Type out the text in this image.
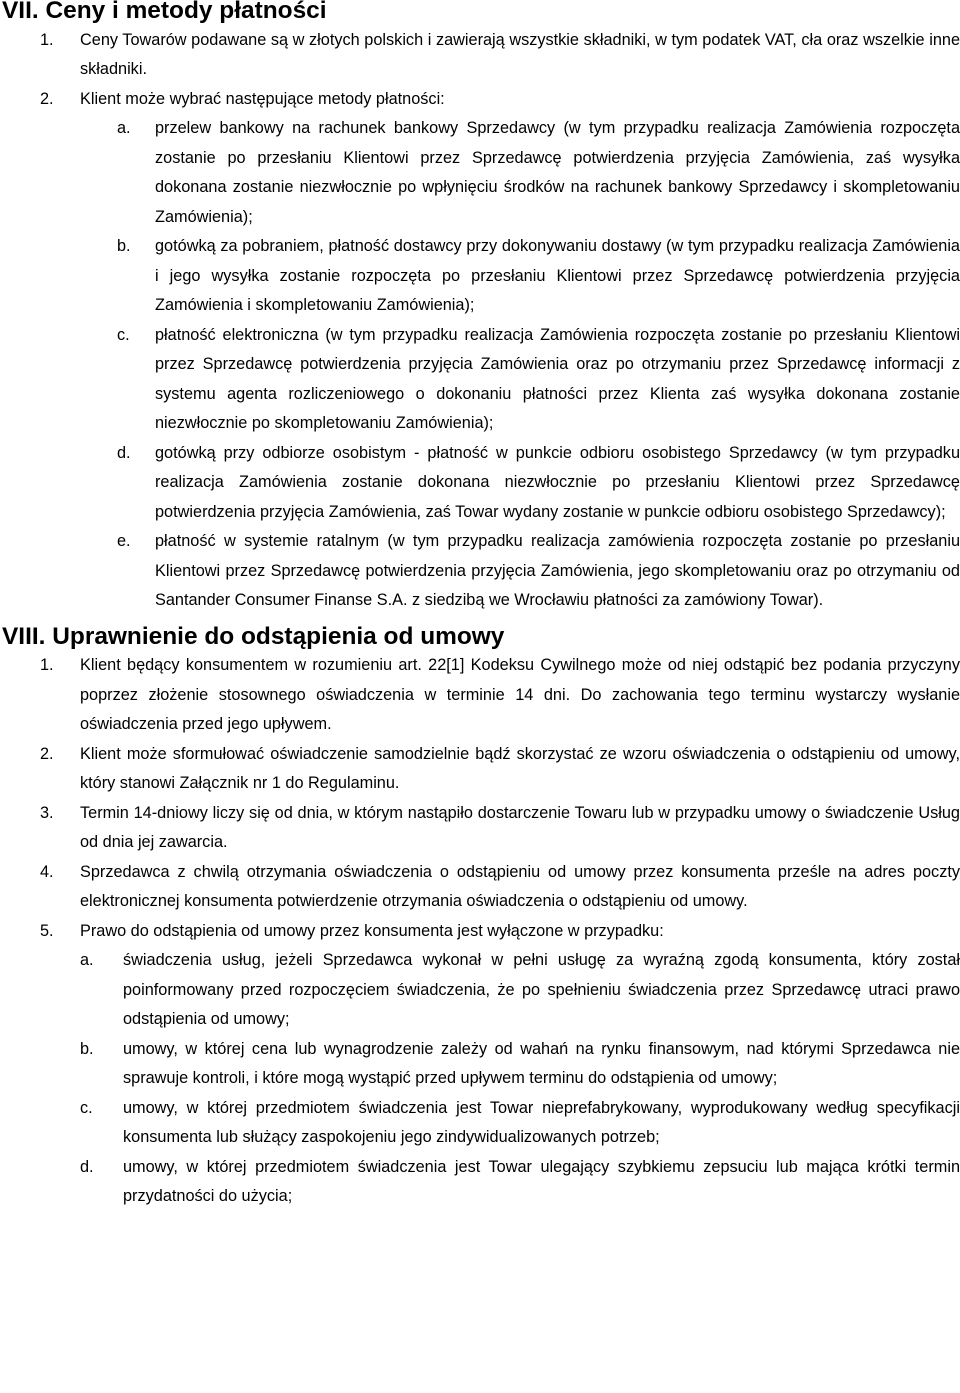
VII. Ceny i metody płatności
1.	Ceny Towarów podawane są w złotych polskich i zawierają wszystkie składniki, w tym podatek VAT, cła oraz wszelkie inne składniki.

2.	Klient może wybrać następujące metody płatności:

a.	przelew bankowy na rachunek bankowy Sprzedawcy (w tym przypadku realizacja Zamówienia rozpoczęta zostanie po przesłaniu Klientowi przez Sprzedawcę potwierdzenia przyjęcia Zamówienia, zaś wysyłka dokonana zostanie niezwłocznie po wpłynięciu środków na rachunek bankowy Sprzedawcy i skompletowaniu Zamówienia);

b.	gotówką za pobraniem, płatność dostawcy przy dokonywaniu dostawy (w tym przypadku realizacja Zamówienia i jego wysyłka zostanie rozpoczęta po przesłaniu Klientowi przez Sprzedawcę potwierdzenia przyjęcia Zamówienia i skompletowaniu Zamówienia);

c.	płatność elektroniczna (w tym przypadku realizacja Zamówienia rozpoczęta zostanie po przesłaniu Klientowi przez Sprzedawcę potwierdzenia przyjęcia Zamówienia oraz po otrzymaniu przez Sprzedawcę informacji z systemu agenta rozliczeniowego o dokonaniu płatności przez Klienta zaś wysyłka dokonana zostanie niezwłocznie po skompletowaniu Zamówienia);

d.	gotówką przy odbiorze osobistym - płatność w punkcie odbioru osobistego Sprzedawcy (w tym przypadku realizacja Zamówienia zostanie dokonana niezwłocznie po przesłaniu Klientowi przez Sprzedawcę potwierdzenia przyjęcia Zamówienia, zaś Towar wydany zostanie w punkcie odbioru osobistego Sprzedawcy);

e.	płatność w systemie ratalnym (w tym przypadku realizacja zamówienia rozpoczęta zostanie po przesłaniu Klientowi przez Sprzedawcę potwierdzenia przyjęcia Zamówienia, jego skompletowaniu oraz po otrzymaniu od Santander Consumer Finanse S.A. z siedzibą we Wrocławiu płatności za zamówiony Towar).

VIII. Uprawnienie do odstąpienia od umowy
1.	Klient będący konsumentem w rozumieniu art. 22[1] Kodeksu Cywilnego może od niej odstąpić bez podania przyczyny poprzez złożenie stosownego oświadczenia w terminie 14 dni. Do zachowania tego terminu wystarczy wysłanie oświadczenia przed jego upływem.

2.	Klient może sformułować oświadczenie samodzielnie bądź skorzystać ze wzoru oświadczenia o odstąpieniu od umowy, który stanowi Załącznik nr 1 do Regulaminu.

3.	Termin 14-dniowy liczy się od dnia, w którym nastąpiło dostarczenie Towaru lub w przypadku umowy o świadczenie Usług od dnia jej zawarcia.

4.	Sprzedawca z chwilą otrzymania oświadczenia o odstąpieniu od umowy przez konsumenta prześle na adres poczty elektronicznej konsumenta potwierdzenie otrzymania oświadczenia o odstąpieniu od umowy.

5.	Prawo do odstąpienia od umowy przez konsumenta jest wyłączone w przypadku:

a.	świadczenia usług, jeżeli Sprzedawca wykonał w pełni usługę za wyraźną zgodą konsumenta, który został poinformowany przed rozpoczęciem świadczenia, że po spełnieniu świadczenia przez Sprzedawcę utraci prawo odstąpienia od umowy;

b.	umowy, w której cena lub wynagrodzenie zależy od wahań na rynku finansowym, nad którymi Sprzedawca nie sprawuje kontroli, i które mogą wystąpić przed upływem terminu do odstąpienia od umowy;

c.	umowy, w której przedmiotem świadczenia jest Towar nieprefabrykowany, wyprodukowany według specyfikacji konsumenta lub służący zaspokojeniu jego zindywidualizowanych potrzeb;

d.	umowy, w której przedmiotem świadczenia jest Towar ulegający szybkiemu zepsuciu lub mająca krótki termin przydatności do użycia;
